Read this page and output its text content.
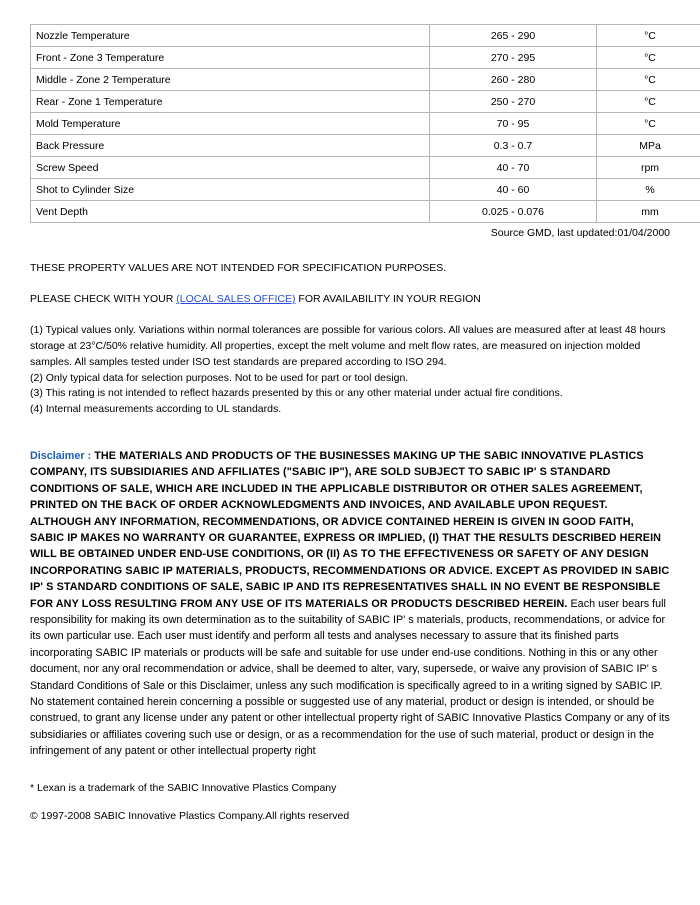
Nozzle Temperature	265 - 290	°C
Front - Zone 3 Temperature	270 - 295	°C
Middle - Zone 2 Temperature	260 - 280	°C
Rear - Zone 1 Temperature	250 - 270	°C
Mold Temperature	70 - 95	°C
Back Pressure	0.3 - 0.7	MPa
Screw Speed	40 - 70	rpm
Shot to Cylinder Size	40 - 60	%
Vent Depth	0.025 - 0.076	mm
Source GMD, last updated:01/04/2000
THESE PROPERTY VALUES ARE NOT INTENDED FOR SPECIFICATION PURPOSES.
PLEASE CHECK WITH YOUR (LOCAL SALES OFFICE) FOR AVAILABILITY IN YOUR REGION

(1) Typical values only. Variations within normal tolerances are possible for various colors. All values are measured after at least 48 hours storage at 23°C/50% relative humidity. All properties, except the melt volume and melt flow rates, are measured on injection molded samples. All samples tested under ISO test standards are prepared according to ISO 294.

(2) Only typical data for selection purposes. Not to be used for part or tool design.

(3) This rating is not intended to reflect hazards presented by this or any other material under actual fire conditions.

(4) Internal measurements according to UL standards.

Disclaimer : THE MATERIALS AND PRODUCTS OF THE BUSINESSES MAKING UP THE SABIC INNOVATIVE PLASTICS COMPANY, ITS SUBSIDIARIES AND AFFILIATES ("SABIC IP"), ARE SOLD SUBJECT TO SABIC IP' S STANDARD CONDITIONS OF SALE, WHICH ARE INCLUDED IN THE APPLICABLE DISTRIBUTOR OR OTHER SALES AGREEMENT, PRINTED ON THE BACK OF ORDER ACKNOWLEDGMENTS AND INVOICES, AND AVAILABLE UPON REQUEST. ALTHOUGH ANY INFORMATION, RECOMMENDATIONS, OR ADVICE CONTAINED HEREIN IS GIVEN IN GOOD FAITH, SABIC IP MAKES NO WARRANTY OR GUARANTEE, EXPRESS OR IMPLIED, (I) THAT THE RESULTS DESCRIBED HEREIN WILL BE OBTAINED UNDER END-USE CONDITIONS, OR (II) AS TO THE EFFECTIVENESS OR SAFETY OF ANY DESIGN INCORPORATING SABIC IP MATERIALS, PRODUCTS, RECOMMENDATIONS OR ADVICE. EXCEPT AS PROVIDED IN SABIC IP' S STANDARD CONDITIONS OF SALE, SABIC IP AND ITS REPRESENTATIVES SHALL IN NO EVENT BE RESPONSIBLE FOR ANY LOSS RESULTING FROM ANY USE OF ITS MATERIALS OR PRODUCTS DESCRIBED HEREIN. Each user bears full responsibility for making its own determination as to the suitability of SABIC IP' s materials, products, recommendations, or advice for its own particular use. Each user must identify and perform all tests and analyses necessary to assure that its finished parts incorporating SABIC IP materials or products will be safe and suitable for use under end-use conditions. Nothing in this or any other document, nor any oral recommendation or advice, shall be deemed to alter, vary, supersede, or waive any provision of SABIC IP' s Standard Conditions of Sale or this Disclaimer, unless any such modification is specifically agreed to in a writing signed by SABIC IP. No statement contained herein concerning a possible or suggested use of any material, product or design is intended, or should be construed, to grant any license under any patent or other intellectual property right of SABIC Innovative Plastics Company or any of its subsidiaries or affiliates covering such use or design, or as a recommendation for the use of such material, product or design in the infringement of any patent or other intellectual property right
* Lexan is a trademark of the SABIC Innovative Plastics Company
© 1997-2008 SABIC Innovative Plastics Company.All rights reserved
